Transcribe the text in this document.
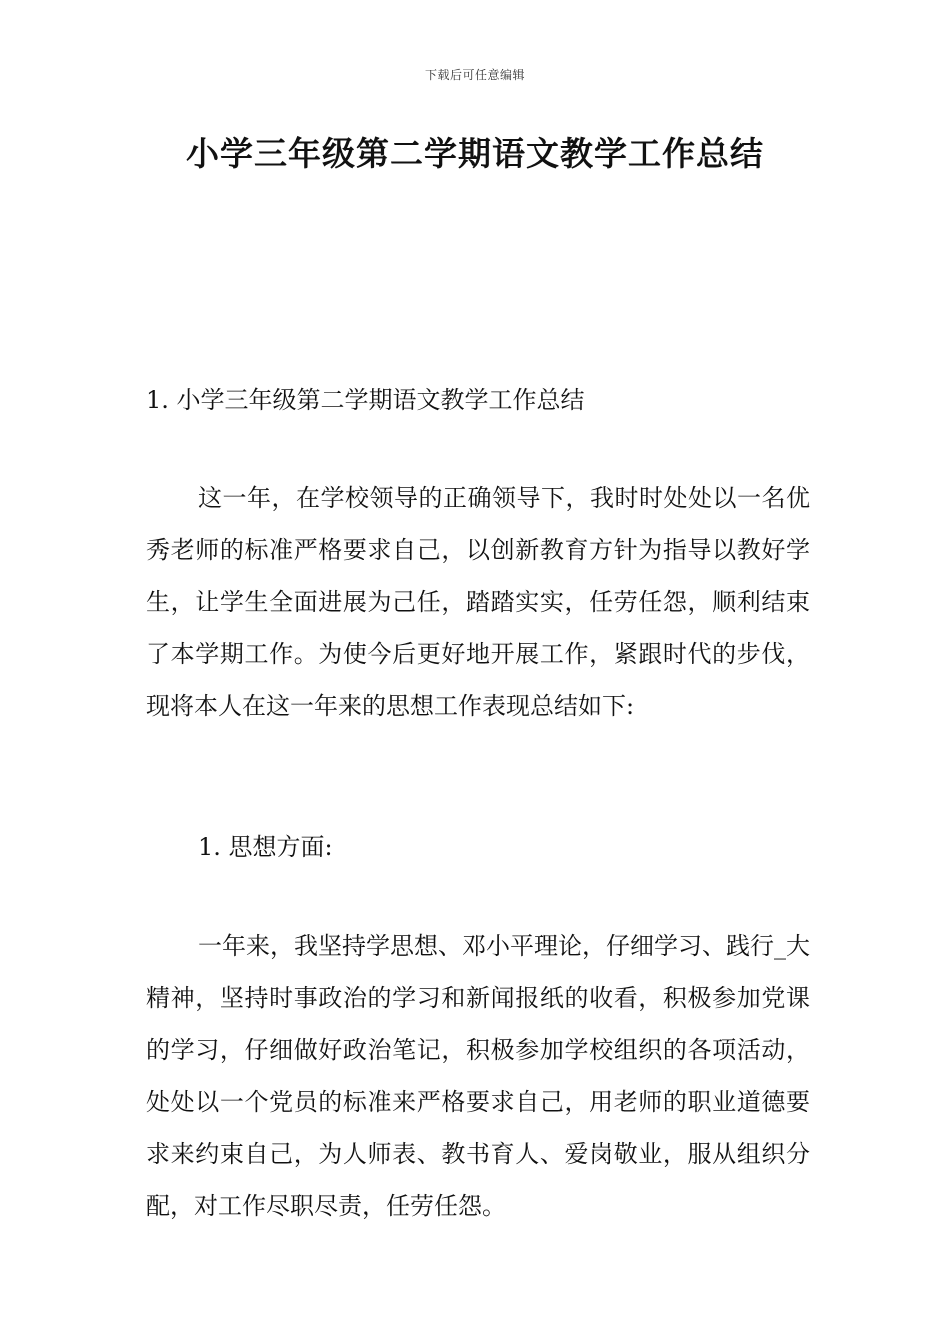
下载后可任意编辑
小学三年级第二学期语文教学工作总结

1. 小学三年级第二学期语文教学工作总结

这一年，在学校领导的正确领导下，我时时处处以一名优秀老师的标准严格要求自己，以创新教育方针为指导以教好学生，让学生全面进展为己任，踏踏实实，任劳任怨，顺利结束了本学期工作。为使今后更好地开展工作，紧跟时代的步伐，现将本人在这一年来的思想工作表现总结如下:

1. 思想方面:

一年来，我坚持学思想、邓小平理论，仔细学习、践行_大精神，坚持时事政治的学习和新闻报纸的收看，积极参加党课的学习，仔细做好政治笔记，积极参加学校组织的各项活动，处处以一个党员的标准来严格要求自己，用老师的职业道德要求来约束自己，为人师表、教书育人、爱岗敬业，服从组织分配，对工作尽职尽责，任劳任怨。
